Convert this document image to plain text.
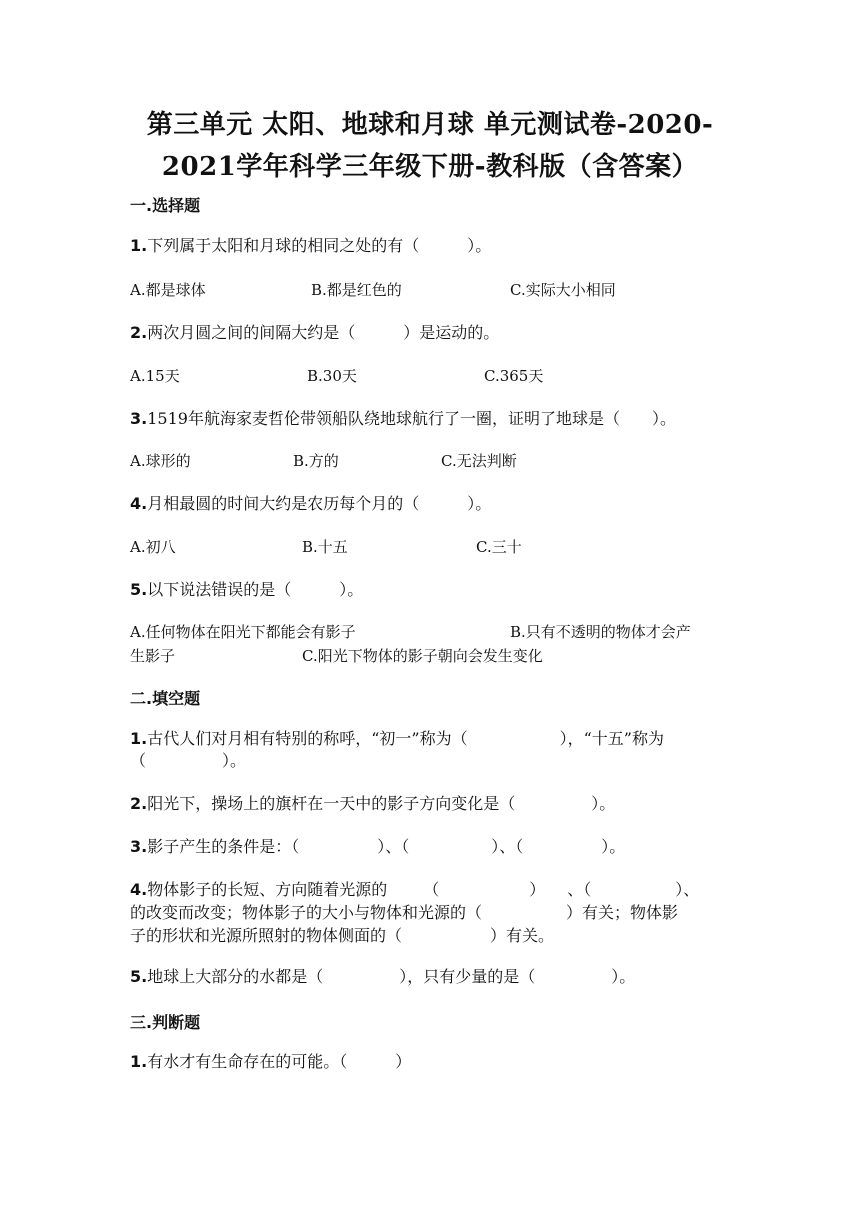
第三单元 太阳、地球和月球 单元测试卷-2020-
2021学年科学三年级下册-教科版（含答案）
一.选择题
1.下列属于太阳和月球的相同之处的有（　　　）。
A.都是球体	B.都是红色的	C.实际大小相同
2.两次月圆之间的间隔大约是（　　　）是运动的。
A.15天	B.30天	C.365天
3.1519年航海家麦哲伦带领船队绕地球航行了一圈，证明了地球是（　　）。
A.球形的	B.方的	C.无法判断
4.月相最圆的时间大约是农历每个月的（　　　）。
A.初八	B.十五	C.三十
5.以下说法错误的是（　　　）。
A.任何物体在阳光下都能会有影子	B.只有不透明的物体才会产
生影子	C.阳光下物体的影子朝向会发生变化
二.填空题
1.古代人们对月相有特别的称呼，“初一”称为（	），“十五”称为
（	）。
2.阳光下，操场上的旗杆在一天中的影子方向变化是（	）。
3.影子产生的条件是：（	）、（	）、（	）。
4.物体影子的长短、方向随着光源的 （	） 、（	）、
的改变而改变；物体影子的大小与物体和光源的（	）有关；物体影
子的形状和光源所照射的物体侧面的（	）有关。
5.地球上大部分的水都是（	），只有少量的是（	）。
三.判断题
1.有水才有生命存在的可能。（　　　）
